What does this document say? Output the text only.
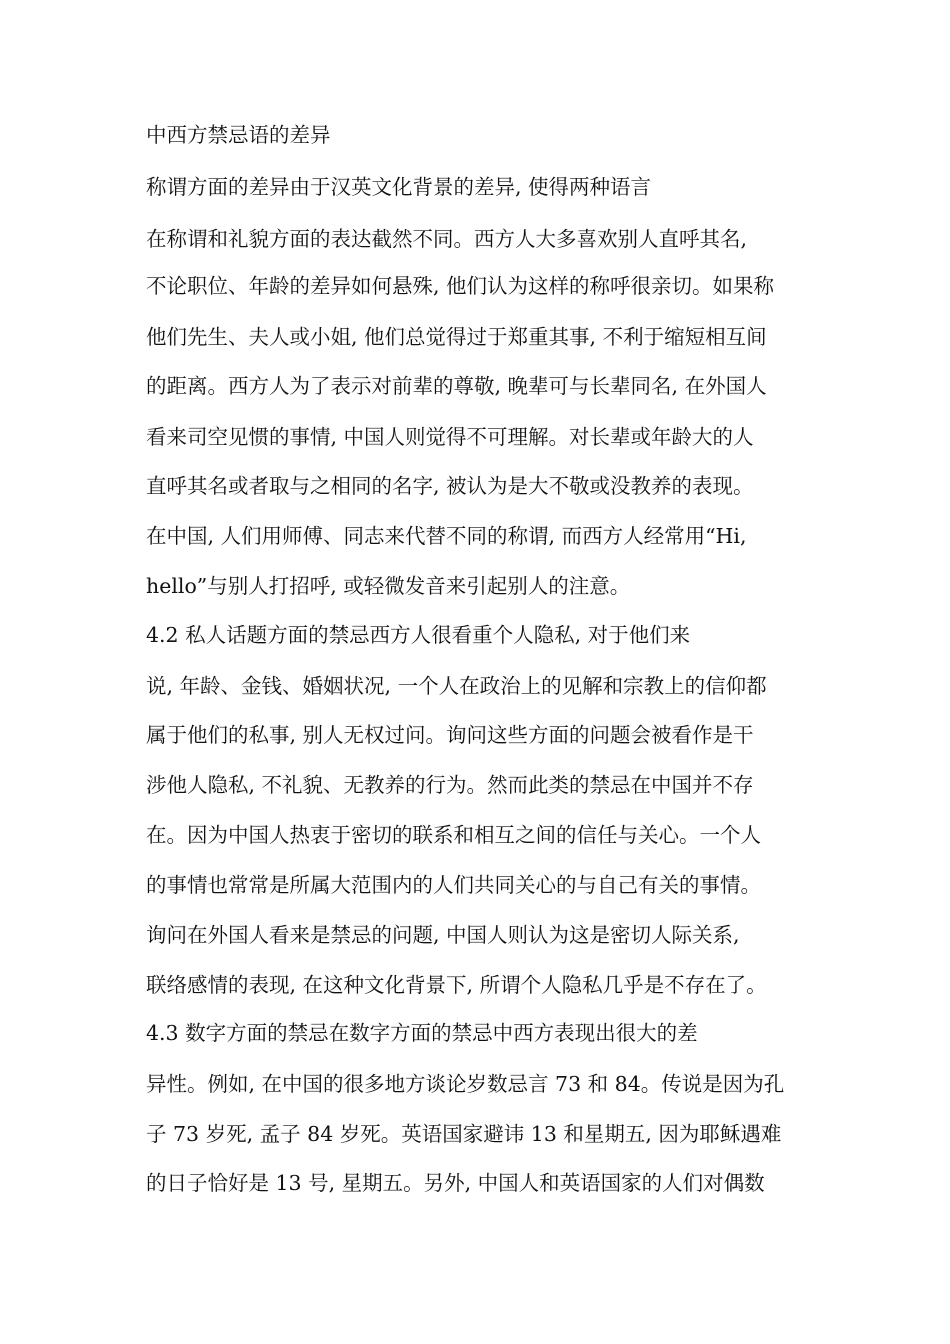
中西方禁忌语的差异
称谓方面的差异由于汉英文化背景的差异, 使得两种语言
在称谓和礼貌方面的表达截然不同。西方人大多喜欢别人直呼其名,
不论职位、年龄的差异如何悬殊, 他们认为这样的称呼很亲切。如果称
他们先生、夫人或小姐, 他们总觉得过于郑重其事, 不利于缩短相互间
的距离。西方人为了表示对前辈的尊敬, 晚辈可与长辈同名, 在外国人
看来司空见惯的事情, 中国人则觉得不可理解。对长辈或年龄大的人
直呼其名或者取与之相同的名字, 被认为是大不敬或没教养的表现。
在中国, 人们用师傅、同志来代替不同的称谓, 而西方人经常用“Hi,
hello”与别人打招呼, 或轻微发音来引起别人的注意。
4.2 私人话题方面的禁忌西方人很看重个人隐私, 对于他们来
说, 年龄、金钱、婚姻状况, 一个人在政治上的见解和宗教上的信仰都
属于他们的私事, 别人无权过问。询问这些方面的问题会被看作是干
涉他人隐私, 不礼貌、无教养的行为。然而此类的禁忌在中国并不存
在。因为中国人热衷于密切的联系和相互之间的信任与关心。一个人
的事情也常常是所属大范围内的人们共同关心的与自己有关的事情。
询问在外国人看来是禁忌的问题, 中国人则认为这是密切人际关系,
联络感情的表现, 在这种文化背景下, 所谓个人隐私几乎是不存在了。
4.3 数字方面的禁忌在数字方面的禁忌中西方表现出很大的差
异性。例如, 在中国的很多地方谈论岁数忌言 73 和 84。传说是因为孔
子 73 岁死, 孟子 84 岁死。英语国家避讳 13 和星期五, 因为耶稣遇难
的日子恰好是 13 号, 星期五。另外, 中国人和英语国家的人们对偶数
